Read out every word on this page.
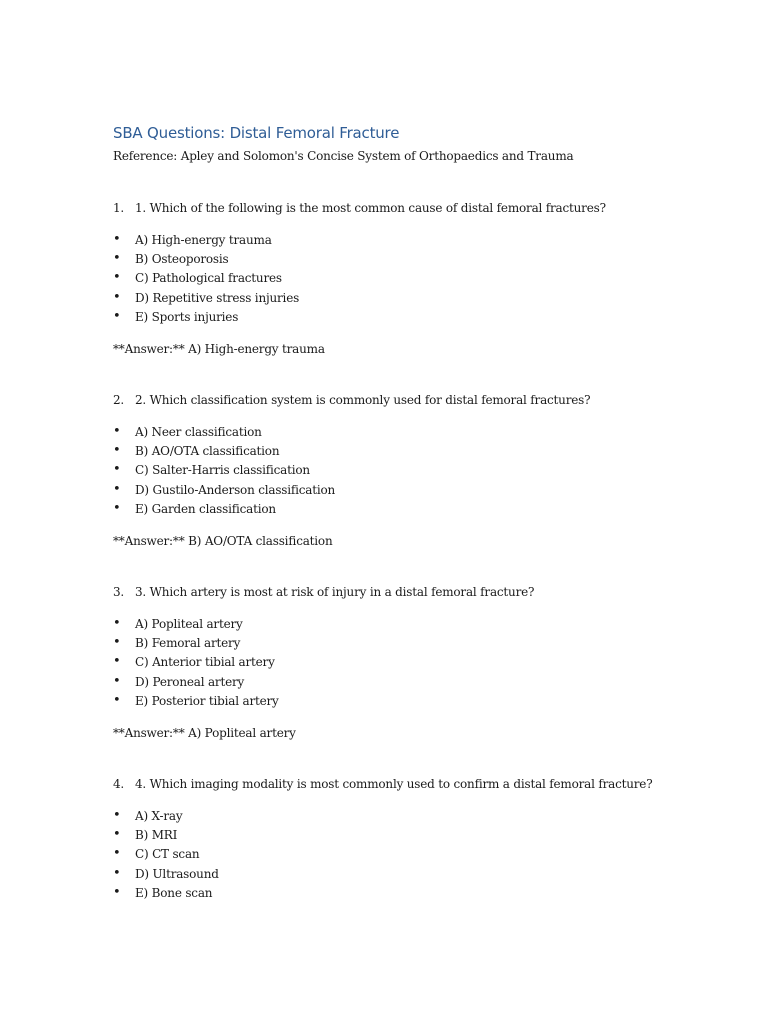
SBA Questions: Distal Femoral Fracture
Reference: Apley and Solomon's Concise System of Orthopaedics and Trauma
1. 1. Which of the following is the most common cause of distal femoral fractures?
• A) High-energy trauma
• B) Osteoporosis
• C) Pathological fractures
• D) Repetitive stress injuries
• E) Sports injuries
**Answer:** A) High-energy trauma
2. 2. Which classification system is commonly used for distal femoral fractures?
• A) Neer classification
• B) AO/OTA classification
• C) Salter-Harris classification
• D) Gustilo-Anderson classification
• E) Garden classification
**Answer:** B) AO/OTA classification
3. 3. Which artery is most at risk of injury in a distal femoral fracture?
• A) Popliteal artery
• B) Femoral artery
• C) Anterior tibial artery
• D) Peroneal artery
• E) Posterior tibial artery
**Answer:** A) Popliteal artery
4. 4. Which imaging modality is most commonly used to confirm a distal femoral fracture?
• A) X-ray
• B) MRI
• C) CT scan
• D) Ultrasound
• E) Bone scan
